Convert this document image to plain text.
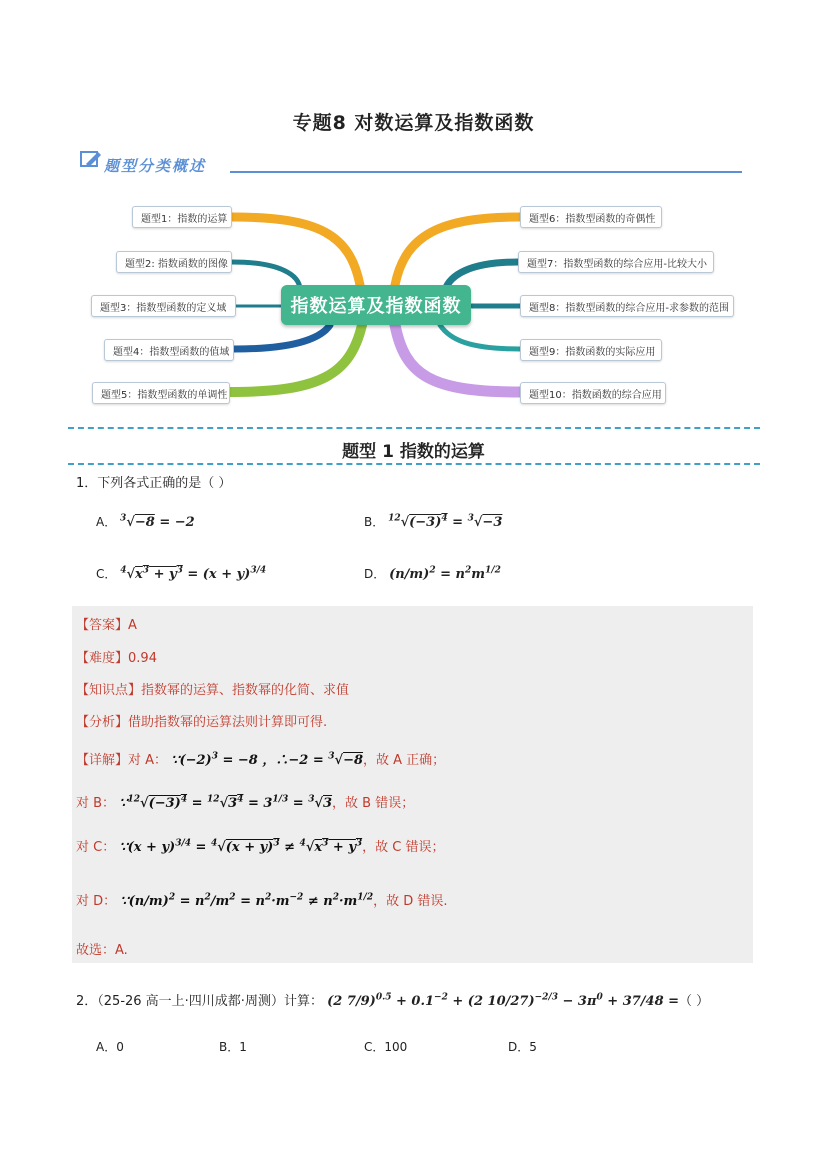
专题8 对数运算及指数函数
题型分类概述
指数运算及指数函数
题型1：指数的运算
题型2: 指数函数的图像
题型3：指数型函数的定义域
题型4：指数型函数的值域
题型5：指数型函数的单调性
题型6：指数型函数的奇偶性
题型7：指数型函数的综合应用-比较大小
题型8：指数型函数的综合应用-求参数的范围
题型9：指数函数的实际应用
题型10：指数函数的综合应用
题型 1 指数的运算
1．下列各式正确的是（ ）
A． $^3$√−8 = −2	B． $^{12}√(-3)^4 = ^3√-3$
C． $^4√x^3 + y^3 = (x + y)^{3/4}$	D． $(n/m)^2 = n^2m^{1/2}$
【答案】A
【难度】0.94
【知识点】指数幂的运算、指数幂的化简、求值
【分析】借助指数幂的运算法则计算即可得.
【详解】对 A： $\because(-2)^3 = -8$ ，∴−2 = $^3$√−8，故 A 正确；
对 B： $\because^{12}√(-3)^4 = ^{12}√3^4 = 3^{1/3} = ^3√3$，故 B 错误；
对 C： ∵(x + $y)^{3/4} = ^4√(x + y)^3 \ne ^4√x^3 + y^3$，故 C 错误；
对 D： $\because(n/m)^2 = n^2/m^2 = n^2\cdot m^{-2} \ne n^2\cdot m^{1/2}$，故 D 错误.
故选：A.
2．（25-26 高一上·四川成都·周测）计算： (2 $7/9)^{0.5} + 0.1^{-2} + (2$ $10/27)^{-2/3} - 3\pi^0 + 37/48$ =（ ）
A．0	B．1	C．100	D．5
